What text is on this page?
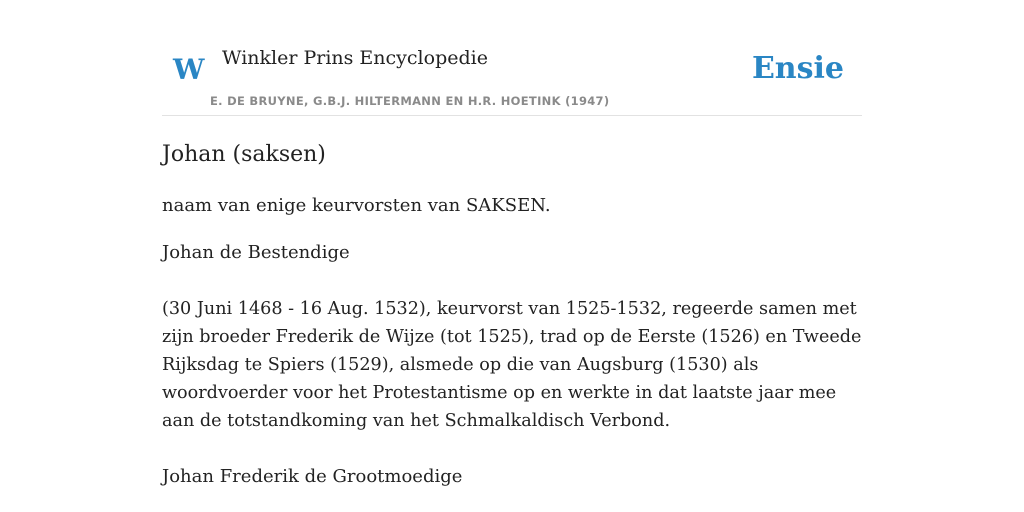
W Winkler Prins Encyclopedie
E. DE BRUYNE, G.B.J. HILTERMANN EN H.R. HOETINK (1947)
Ensie
Johan (saksen)

naam van enige keurvorsten van SAKSEN.

Johan de Bestendige

(30 Juni 1468 - 16 Aug. 1532), keurvorst van 1525-1532, regeerde samen met zijn broeder Frederik de Wijze (tot 1525), trad op de Eerste (1526) en Tweede Rijksdag te Spiers (1529), alsmede op die van Augsburg (1530) als woordvoerder voor het Protestantisme op en werkte in dat laatste jaar mee aan de totstandkoming van het Schmalkaldisch Verbond.

Johan Frederik de Grootmoedige
